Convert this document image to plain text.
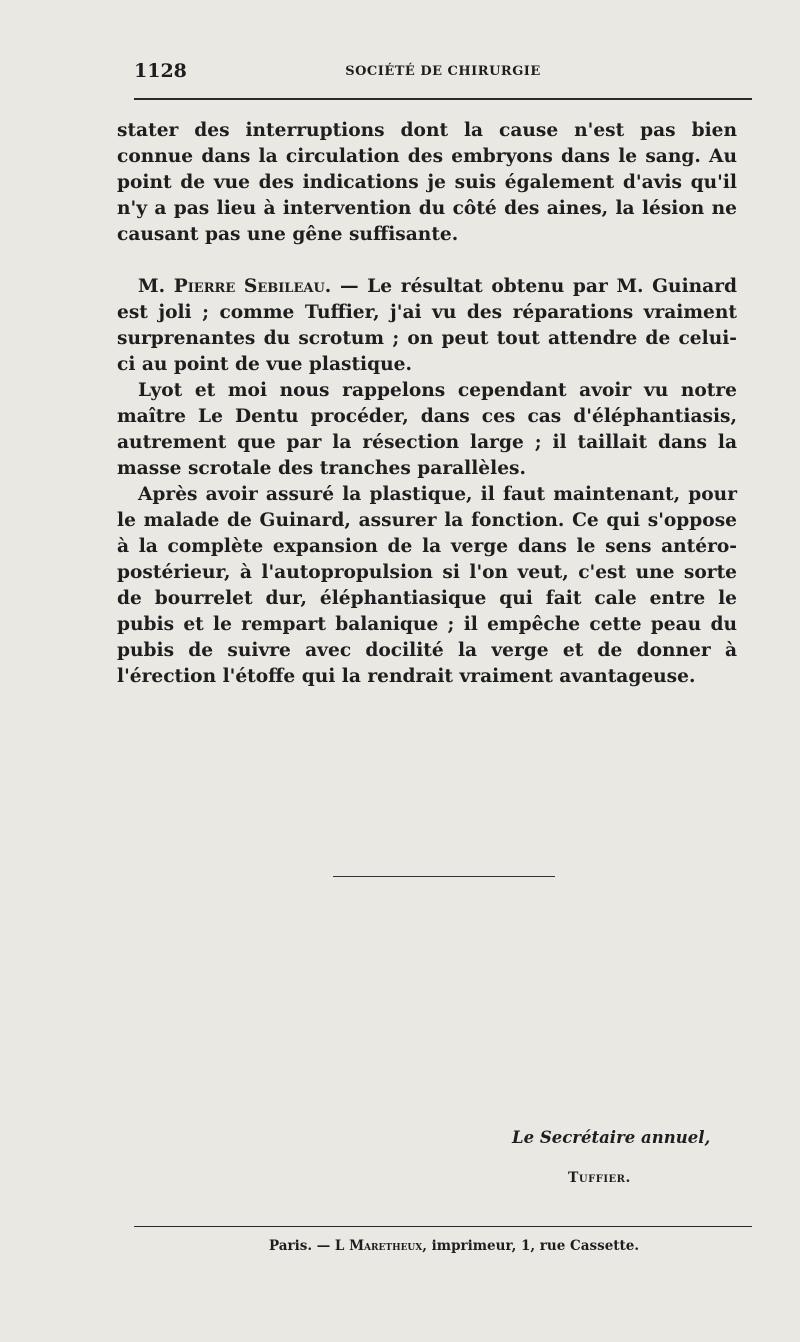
1128	SOCIÉTÉ DE CHIRURGIE

stater des interruptions dont la cause n'est pas bien connue dans la circulation des embryons dans le sang. Au point de vue des indications je suis également d'avis qu'il n'y a pas lieu à intervention du côté des aines, la lésion ne causant pas une gêne suffisante.

M. Pierre Sebileau. — Le résultat obtenu par M. Guinard est joli ; comme Tuffier, j'ai vu des réparations vraiment surprenantes du scrotum ; on peut tout attendre de celui-ci au point de vue plastique.

Lyot et moi nous rappelons cependant avoir vu notre maître Le Dentu procéder, dans ces cas d'éléphantiasis, autrement que par la résection large ; il taillait dans la masse scrotale des tranches parallèles.

Après avoir assuré la plastique, il faut maintenant, pour le malade de Guinard, assurer la fonction. Ce qui s'oppose à la complète expansion de la verge dans le sens antéro-postérieur, à l'autopropulsion si l'on veut, c'est une sorte de bourrelet dur, éléphantiasique qui fait cale entre le pubis et le rempart balanique ; il empêche cette peau du pubis de suivre avec docilité la verge et de donner à l'érection l'étoffe qui la rendrait vraiment avantageuse.

Le Secrétaire annuel,
Tuffier.
Paris. — L Maretheux, imprimeur, 1, rue Cassette.
